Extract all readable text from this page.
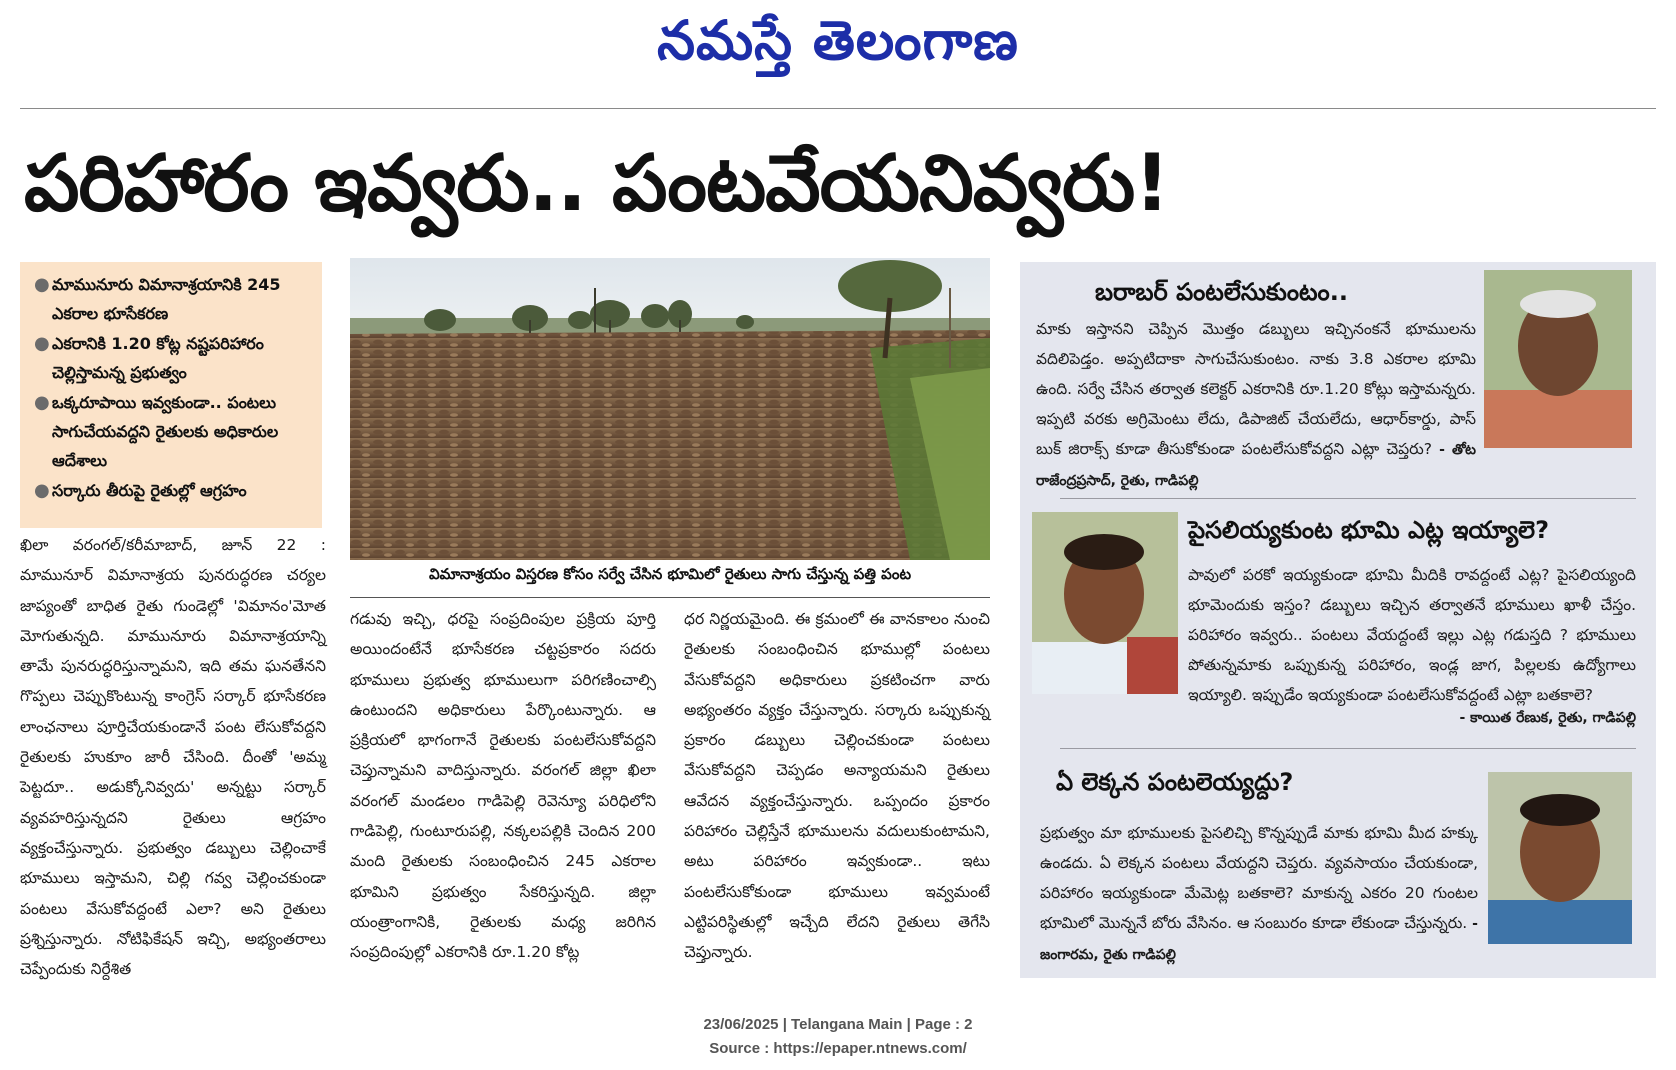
నమస్తే తెలంగాణ
పరిహారం ఇవ్వరు.. పంటవేయనివ్వరు!
● మామునూరు విమానాశ్రయానికి 245 ఎకరాల భూసేకరణ
● ఎకరానికి 1.20 కోట్ల నష్టపరిహారం చెల్లిస్తామన్న ప్రభుత్వం
● ఒక్కరూపాయి ఇవ్వకుండా.. పంటలు సాగుచేయవద్దని రైతులకు అధికారుల ఆదేశాలు
● సర్కారు తీరుపై రైతుల్లో ఆగ్రహం
విమానాశ్రయం విస్తరణ కోసం సర్వే చేసిన భూమిలో రైతులు సాగు చేస్తున్న పత్తి పంట

ఖిలా వరంగల్/కరీమాబాద్, జూన్ 22 : మామునూర్ విమానాశ్రయ పునరుద్ధరణ చర్యల జాప్యంతో బాధిత రైతు గుండెల్లో 'విమానం'మోత మోగుతున్నది. మామునూరు విమానాశ్రయాన్ని తామే పునరుద్ధరిస్తున్నామని, ఇది తమ ఘనతేనని గొప్పలు చెప్పుకొంటున్న కాంగ్రెస్ సర్కార్ భూసేకరణ లాంఛనాలు పూర్తిచేయకుండానే పంట లేసుకోవద్దని రైతులకు హుకూం జారీ చేసింది. దీంతో 'అమ్మ పెట్టదూ.. అడుక్కోనివ్వదు' అన్నట్టు సర్కార్ వ్యవహరిస్తున్నదని రైతులు ఆగ్రహం వ్యక్తంచేస్తున్నారు. ప్రభుత్వం డబ్బులు చెల్లించాకే భూములు ఇస్తామని, చిల్లి గవ్వ చెల్లించకుండా పంటలు వేసుకోవద్దంటే ఎలా? అని రైతులు ప్రశ్నిస్తున్నారు. నోటిఫికేషన్ ఇచ్చి, అభ్యంతరాలు చెప్పేందుకు నిర్దేశిత

గడువు ఇచ్చి, ధరపై సంప్రదింపుల ప్రక్రియ పూర్తి అయిందంటేనే భూసేకరణ చట్టప్రకారం సదరు భూములు ప్రభుత్వ భూములుగా పరిగణించాల్సి ఉంటుందని అధికారులు పేర్కొంటున్నారు. ఆ ప్రక్రియలో భాగంగానే రైతులకు పంటలేసుకోవద్దని చెప్తున్నామని వాదిస్తున్నారు. వరంగల్ జిల్లా ఖిలా వరంగల్ మండలం గాడిపెల్లి రెవెన్యూ పరిధిలోని గాడిపెల్లి, గుంటూరుపల్లి, నక్కలపల్లికి చెందిన 200 మంది రైతులకు సంబంధించిన 245 ఎకరాల భూమిని ప్రభుత్వం సేకరిస్తున్నది. జిల్లా యంత్రాంగానికి, రైతులకు మధ్య జరిగిన సంప్రదింపుల్లో ఎకరానికి రూ.1.20 కోట్ల

ధర నిర్ణయమైంది. ఈ క్రమంలో ఈ వానకాలం నుంచి రైతులకు సంబంధించిన భూముల్లో పంటలు వేసుకోవద్దని అధికారులు ప్రకటించగా వారు అభ్యంతరం వ్యక్తం చేస్తున్నారు. సర్కారు ఒప్పుకున్న ప్రకారం డబ్బులు చెల్లించకుండా పంటలు వేసుకోవద్దని చెప్పడం అన్యాయమని రైతులు ఆవేదన వ్యక్తంచేస్తున్నారు. ఒప్పందం ప్రకారం పరిహారం చెల్లిస్తేనే భూములను వదులుకుంటామని, అటు పరిహారం ఇవ్వకుండా.. ఇటు పంటలేసుకోకుండా భూములు ఇవ్వమంటే ఎట్టిపరిస్థితుల్లో ఇచ్చేది లేదని రైతులు తెగేసి చెప్తున్నారు.

బరాబర్ పంటలేసుకుంటం..
మాకు ఇస్తానని చెప్పిన మొత్తం డబ్బులు ఇచ్చినంకనే భూములను వదిలిపెడ్తం. అప్పటిదాకా సాగుచేసుకుంటం. నాకు 3.8 ఎకరాల భూమి ఉంది. సర్వే చేసిన తర్వాత కలెక్టర్ ఎకరానికి రూ.1.20 కోట్లు ఇస్తామన్నరు. ఇప్పటి వరకు అగ్రిమెంటు లేదు, డిపాజిట్ చేయలేదు, ఆధార్‌కార్డు, పాస్ బుక్ జిరాక్స్ కూడా తీసుకోకుండా పంటలేసుకోవద్దని ఎట్లా చెప్తరు? - తోట రాజేంద్రప్రసాద్, రైతు, గాడిపల్లి
పైసలియ్యకుంట భూమి ఎట్ల ఇయ్యాలె?
పావులో పరకో ఇయ్యకుండా భూమి మీదికి రావద్దంటే ఎట్ల? పైసలియ్యంది భూమెందుకు ఇస్తం? డబ్బులు ఇచ్చిన తర్వాతనే భూములు ఖాళీ చేస్తం. పరిహారం ఇవ్వరు.. పంటలు వేయద్దంటే ఇల్లు ఎట్ల గడుస్తది ? భూములు పోతున్నమాకు ఒప్పుకున్న పరిహారం, ఇండ్ల జాగ, పిల్లలకు ఉద్యోగాలు ఇయ్యాలి. ఇప్పుడేం ఇయ్యకుండా పంటలేసుకోవద్దంటే ఎట్లా బతకాలె?
- కాయిత రేణుక, రైతు, గాడిపల్లి
ఏ లెక్కన పంటలెయ్యద్దు?
ప్రభుత్వం మా భూములకు పైసలిచ్చి కొన్నప్పుడే మాకు భూమి మీద హక్కు ఉండదు. ఏ లెక్కన పంటలు వేయద్దని చెప్తరు. వ్యవసాయం చేయకుండా, పరిహారం ఇయ్యకుండా మేమెట్ల బతకాలె? మాకున్న ఎకరం 20 గుంటల భూమిలో మొన్ననే బోరు వేసినం. ఆ సంబురం కూడా లేకుండా చేస్తున్నరు. - జంగారమ, రైతు గాడిపల్లి
23/06/2025 | Telangana Main | Page : 2
Source : https://epaper.ntnews.com/
